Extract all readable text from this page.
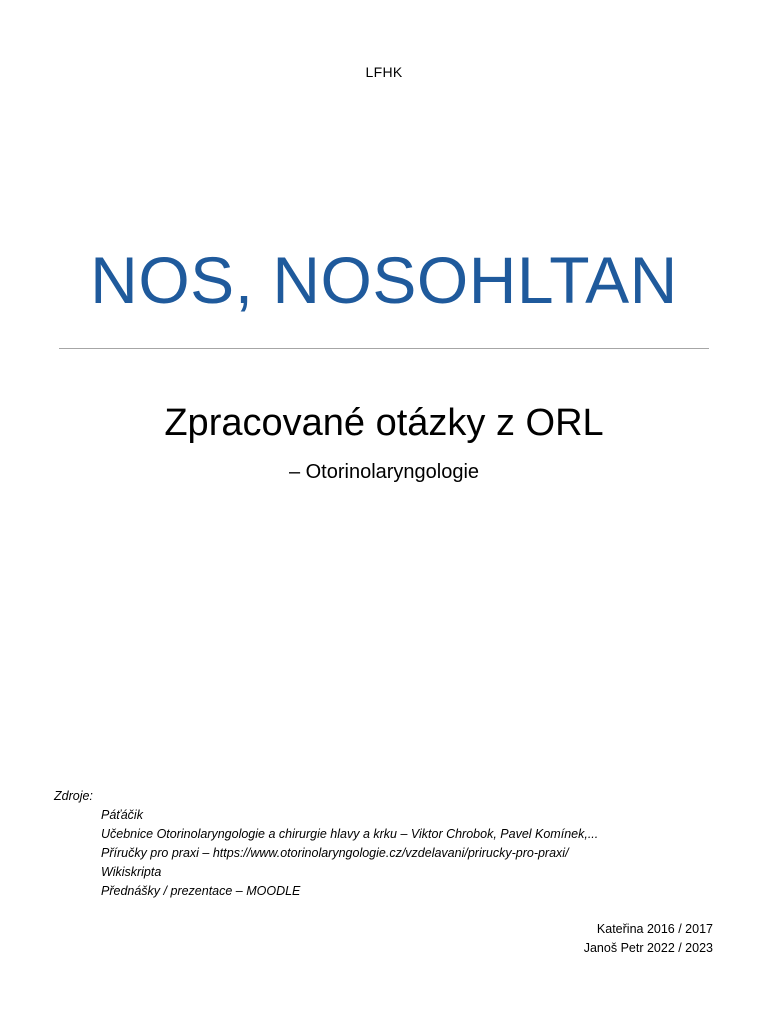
LFHK
NOS, NOSOHLTAN
Zpracované otázky z ORL
– Otorinolaryngologie
Zdroje:
Páťáčik
Učebnice Otorinolaryngologie a chirurgie hlavy a krku – Viktor Chrobok, Pavel Komínek,...
Příručky pro praxi – https://www.otorinolaryngologie.cz/vzdelavani/prirucky-pro-praxi/
Wikiskripta
Přednášky / prezentace – MOODLE
Kateřina 2016 / 2017
Janoš Petr 2022 / 2023
